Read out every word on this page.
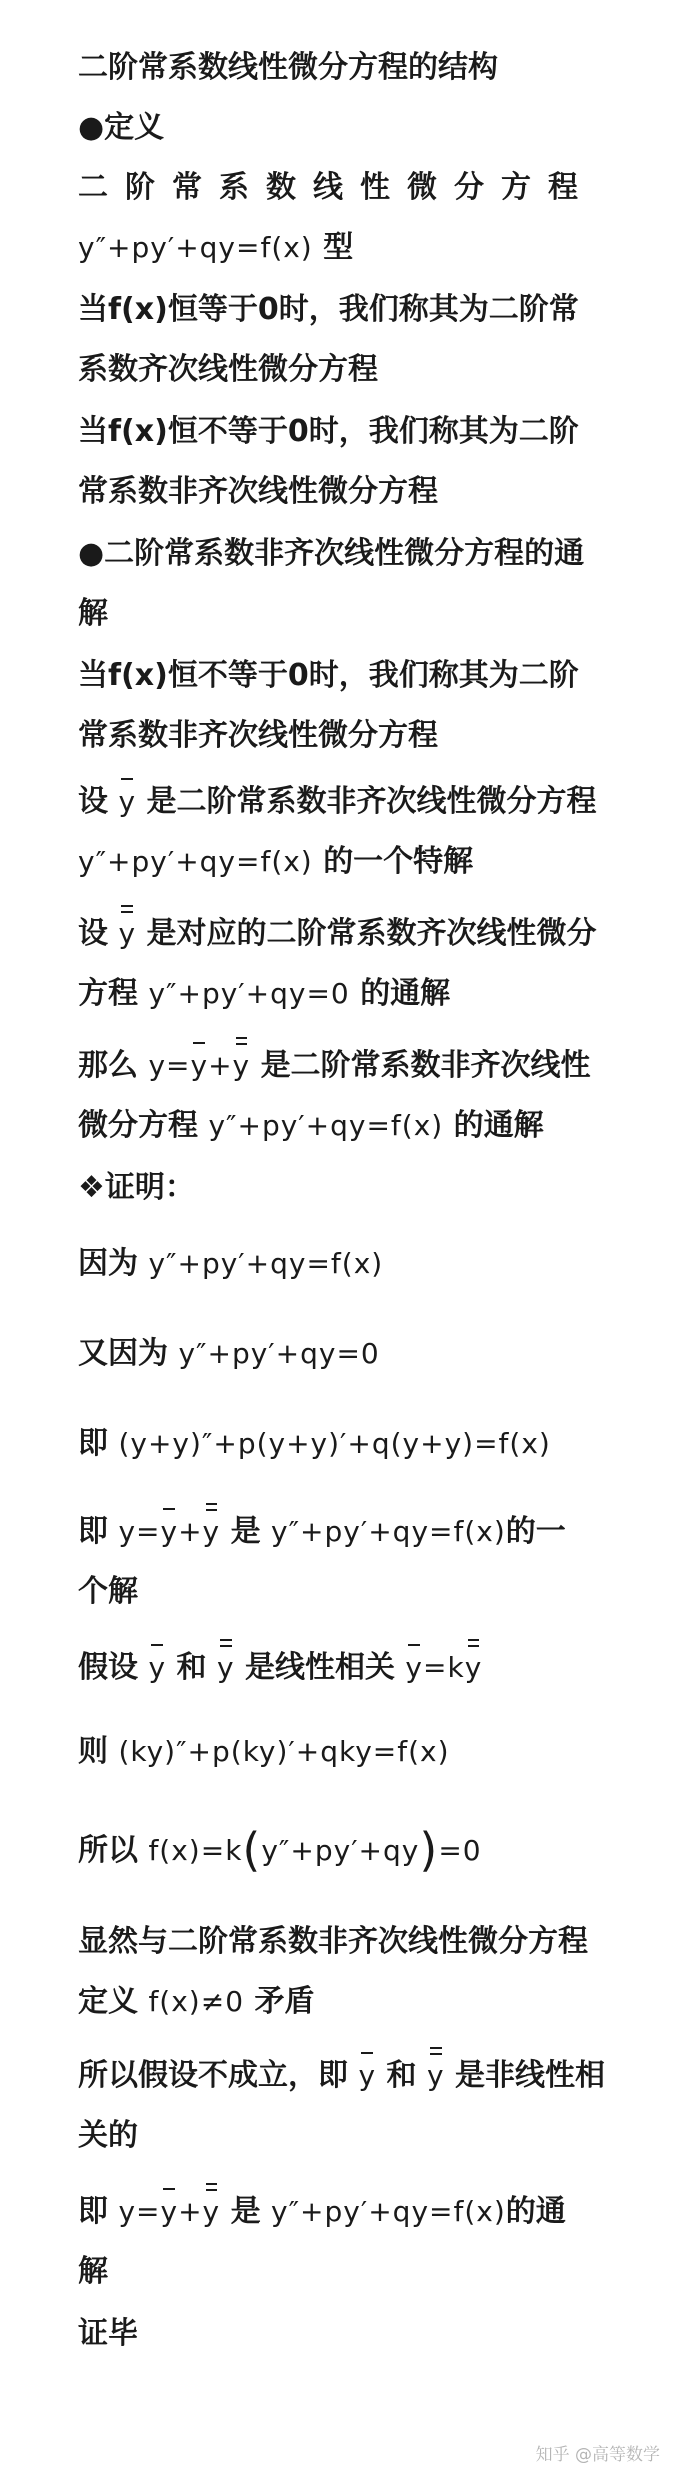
二阶常系数线性微分方程的结构
●定义
二阶常系数线性微分方程
y″+py′+qy=f(x) 型
当f(x)恒等于0时，我们称其为二阶常
系数齐次线性微分方程
当f(x)恒不等于0时，我们称其为二阶
常系数非齐次线性微分方程
●二阶常系数非齐次线性微分方程的通
解
当f(x)恒不等于0时，我们称其为二阶
常系数非齐次线性微分方程
设 y 是二阶常系数非齐次线性微分方程
y″+py′+qy=f(x) 的一个特解
设 y 是对应的二阶常系数齐次线性微分
方程 y″+py′+qy=0 的通解
那么 y=y+y 是二阶常系数非齐次线性
微分方程 y″+py′+qy=f(x) 的通解
❖证明：
因为 y″+py′+qy=f(x)
又因为 y″+py′+qy=0
即 (y+y)″+p(y+y)′+q(y+y)=f(x)
即 y=y+y 是 y″+py′+qy=f(x)的一
个解
假设 y 和 y 是线性相关 y=ky
则 (ky)″+p(ky)′+qky=f(x)
所以 f(x)=k(y″+py′+qy)=0
显然与二阶常系数非齐次线性微分方程
定义 f(x)≠0 矛盾
所以假设不成立，即 y 和 y 是非线性相
关的
即 y=y+y 是 y″+py′+qy=f(x)的通
解
证毕
知乎 @高等数学
